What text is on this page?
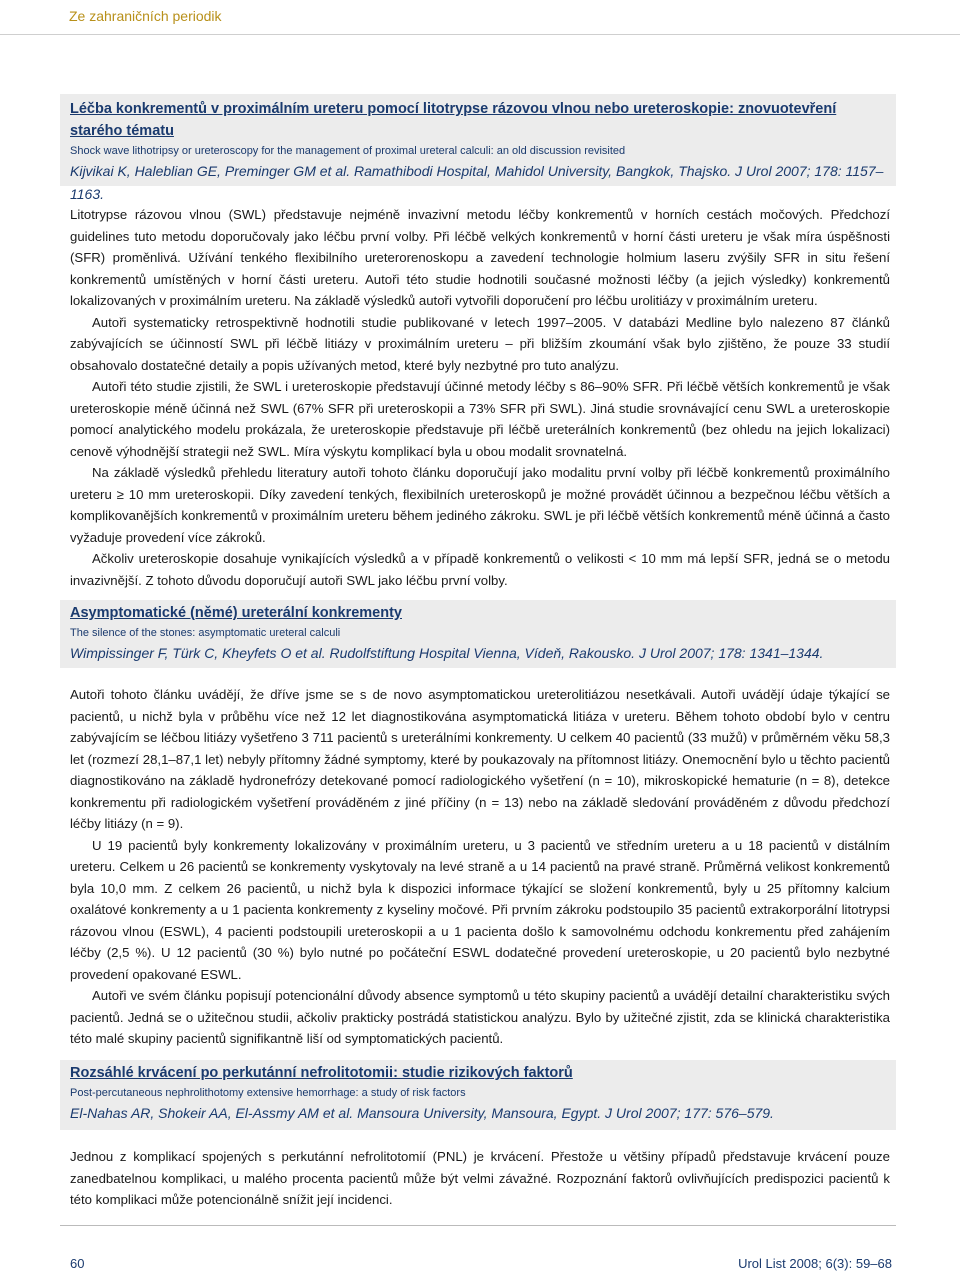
Ze zahraničních periodik

Léčba konkrementů v proximálním ureteru pomocí litotrypse rázovou vlnou nebo ureteroskopie: znovuotevření starého tématu

Shock wave lithotripsy or ureteroscopy for the management of proximal ureteral calculi: an old discussion revisited

Kijvikai K, Haleblian GE, Preminger GM et al. Ramathibodi Hospital, Mahidol University, Bangkok, Thajsko. J Urol 2007; 178: 1157–1163.

Litotrypse rázovou vlnou (SWL) představuje nejméně invazivní metodu léčby konkrementů v horních cestách močových. Předchozí guidelines tuto metodu doporučovaly jako léčbu první volby. Při léčbě velkých konkrementů v horní části ureteru je však míra úspěšnosti (SFR) proměnlivá. Užívání tenkého flexibilního ureterorenoskopu a zavedení technologie holmium laseru zvýšily SFR in situ řešení konkrementů umístěných v horní části ureteru. Autoři této studie hodnotili současné možnosti léčby (a jejich výsledky) konkrementů lokalizovaných v proximálním ureteru. Na základě výsledků autoři vytvořili doporučení pro léčbu urolitiázy v proximálním ureteru.

Autoři systematicky retrospektivně hodnotili studie publikované v letech 1997–2005. V databázi Medline bylo nalezeno 87 článků zabývajících se účinností SWL při léčbě litiázy v proximálním ureteru – při bližším zkoumání však bylo zjištěno, že pouze 33 studií obsahovalo dostatečné detaily a popis užívaných metod, které byly nezbytné pro tuto analýzu.

Autoři této studie zjistili, že SWL i ureteroskopie představují účinné metody léčby s 86–90% SFR. Při léčbě větších konkrementů je však ureteroskopie méně účinná než SWL (67% SFR při ureteroskopii a 73% SFR při SWL). Jiná studie srovnávající cenu SWL a ureteroskopie pomocí analytického modelu prokázala, že ureteroskopie představuje při léčbě ureterálních konkrementů (bez ohledu na jejich lokalizaci) cenově výhodnější strategii než SWL. Míra výskytu komplikací byla u obou modalit srovnatelná.

Na základě výsledků přehledu literatury autoři tohoto článku doporučují jako modalitu první volby při léčbě konkrementů proximálního ureteru ≥ 10 mm ureteroskopii. Díky zavedení tenkých, flexibilních ureteroskopů je možné provádět účinnou a bezpečnou léčbu větších a komplikovanějších konkrementů v proximálním ureteru během jediného zákroku. SWL je při léčbě větších konkrementů méně účinná a často vyžaduje provedení více zákroků.

Ačkoliv ureteroskopie dosahuje vynikajících výsledků a v případě konkrementů o velikosti < 10 mm má lepší SFR, jedná se o metodu invazivnější. Z tohoto důvodu doporučují autoři SWL jako léčbu první volby.

Asymptomatické (němé) ureterální konkrementy

The silence of the stones: asymptomatic ureteral calculi

Wimpissinger F, Türk C, Kheyfets O et al. Rudolfstiftung Hospital Vienna, Vídeň, Rakousko. J Urol 2007; 178: 1341–1344.

Autoři tohoto článku uvádějí, že dříve jsme se s de novo asymptomatickou ureterolitiázou nesetkávali. Autoři uvádějí údaje týkající se pacientů, u nichž byla v průběhu více než 12 let diagnostikována asymptomatická litiáza v ureteru. Během tohoto období bylo v centru zabývajícím se léčbou litiázy vyšetřeno 3 711 pacientů s ureterálními konkrementy. U celkem 40 pacientů (33 mužů) v průměrném věku 58,3 let (rozmezí 28,1–87,1 let) nebyly přítomny žádné symptomy, které by poukazovaly na přítomnost litiázy. Onemocnění bylo u těchto pacientů diagnostikováno na základě hydronefrózy detekované pomocí radiologického vyšetření (n = 10), mikroskopické hematurie (n = 8), detekce konkrementu při radiologickém vyšetření prováděném z jiné příčiny (n = 13) nebo na základě sledování prováděném z důvodu předchozí léčby litiázy (n = 9).

U 19 pacientů byly konkrementy lokalizovány v proximálním ureteru, u 3 pacientů ve středním ureteru a u 18 pacientů v distálním ureteru. Celkem u 26 pacientů se konkrementy vyskytovaly na levé straně a u 14 pacientů na pravé straně. Průměrná velikost konkrementů byla 10,0 mm. Z celkem 26 pacientů, u nichž byla k dispozici informace týkající se složení konkrementů, byly u 25 přítomny kalcium oxalátové konkrementy a u 1 pacienta konkrementy z kyseliny močové. Při prvním zákroku podstoupilo 35 pacientů extrakorporální litotrypsi rázovou vlnou (ESWL), 4 pacienti podstoupili ureteroskopii a u 1 pacienta došlo k samovolnému odchodu konkrementu před zahájením léčby (2,5 %). U 12 pacientů (30 %) bylo nutné po počáteční ESWL dodatečné provedení ureteroskopie, u 20 pacientů bylo nezbytné provedení opakované ESWL.

Autoři ve svém článku popisují potencionální důvody absence symptomů u této skupiny pacientů a uvádějí detailní charakteristiku svých pacientů. Jedná se o užitečnou studii, ačkoliv prakticky postrádá statistickou analýzu. Bylo by užitečné zjistit, zda se klinická charakteristika této malé skupiny pacientů signifikantně liší od symptomatických pacientů.

Rozsáhlé krvácení po perkutánní nefrolitotomii: studie rizikových faktorů

Post-percutaneous nephrolithotomy extensive hemorrhage: a study of risk factors

El-Nahas AR, Shokeir AA, El-Assmy AM et al. Mansoura University, Mansoura, Egypt. J Urol 2007; 177: 576–579.

Jednou z komplikací spojených s perkutánní nefrolitotomií (PNL) je krvácení. Přestože u většiny případů představuje krvácení pouze zanedbatelnou komplikaci, u malého procenta pacientů může být velmi závažné. Rozpoznání faktorů ovlivňujících predispozici pacientů k této komplikaci může potencionálně snížit její incidenci.

60	Urol List 2008; 6(3): 59–68
